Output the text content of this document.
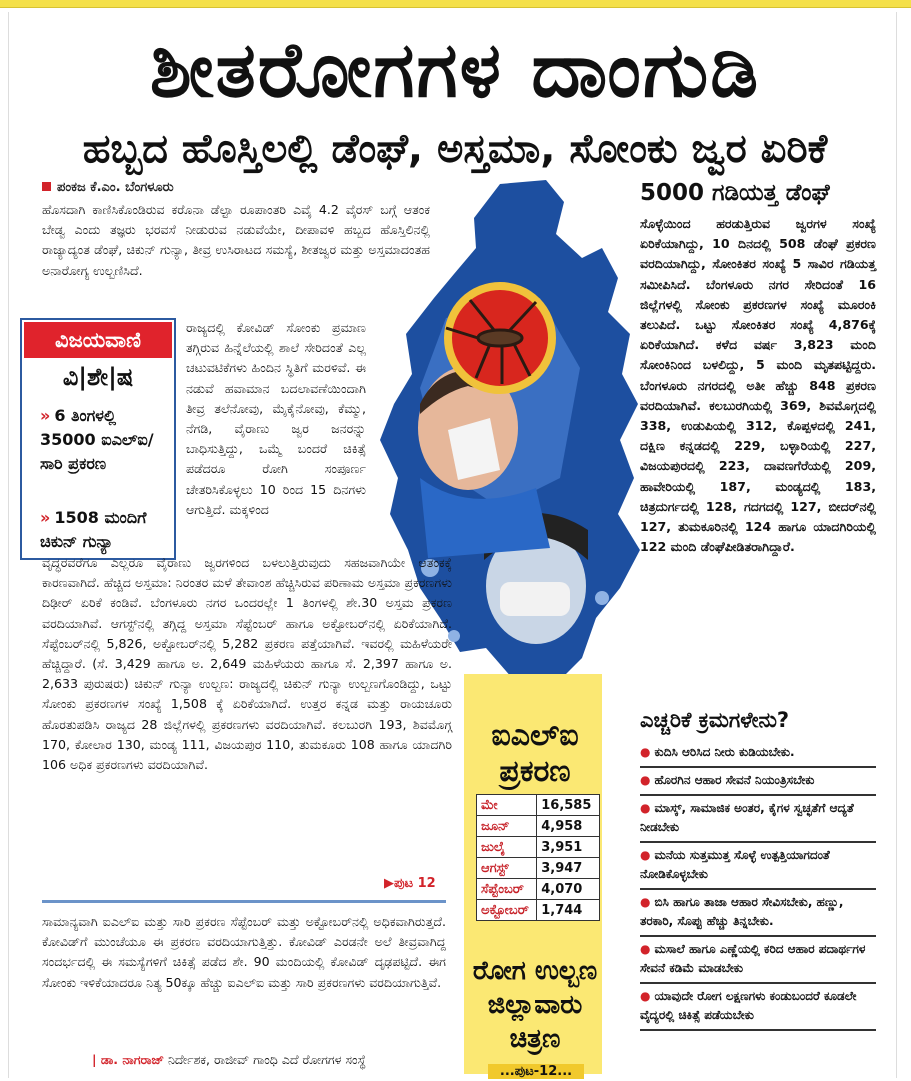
ಶೀತರೋಗಗಳ ದಾಂಗುಡಿ
ಹಬ್ಬದ ಹೊಸ್ತಿಲಲ್ಲಿ ಡೆಂಘೆ, ಅಸ್ತಮಾ, ಸೋಂಕು ಜ್ವರ ಏರಿಕೆ
ಪಂಕಜ ಕೆ.ಎಂ. ಬೆಂಗಳೂರು
ಹೊಸದಾಗಿ ಕಾಣಿಸಿಕೊಂಡಿರುವ ಕರೊನಾ ಡೆಲ್ಟಾ ರೂಪಾಂತರಿ ಎವೈ 4.2 ವೈರಸ್ ಬಗ್ಗೆ ಆತಂಕ ಬೇಡ್ವ ಎಂದು ತಜ್ಞರು ಭರವಸೆ ನೀಡುರುವ ನಡುವೆಯೇ, ದೀಪಾವಳಿ ಹಬ್ಬದ ಹೊಸ್ತಿಲಿನಲ್ಲಿ ರಾಜ್ಯಾದ್ಯಂತ ಡೆಂಘೆ, ಚಿಕುನ್ ಗುನ್ಯಾ, ತೀವ್ರ ಉಸಿರಾಟದ ಸಮಸ್ಯೆ, ಶೀತಜ್ವರ ಮತ್ತು ಅಸ್ತಮಾದಂತಹ ಅನಾರೋಗ್ಯ ಉಲ್ಬಣಿಸಿದೆ.
ರಾಜ್ಯದಲ್ಲಿ ಕೋವಿಡ್ ಸೋಂಕು ಪ್ರಮಾಣ ತಗ್ಗಿರುವ ಹಿನ್ನೆಲೆಯಲ್ಲಿ ಶಾಲೆ ಸೇರಿದಂತೆ ಎಲ್ಲ ಚಟುವಟಿಕೆಗಳು ಹಿಂದಿನ ಸ್ಥಿತಿಗೆ ಮರಳಿವೆ. ಈ ನಡುವೆ ಹವಾಮಾನ ಬದಲಾವಣೆಯಿಂದಾಗಿ ತೀವ್ರ ತಲೆನೋವು, ಮೈಕೈನೋವು, ಕೆಮ್ಮು, ನೆಗಡಿ, ವೈರಾಣು ಜ್ವರ ಜನರನ್ನು ಬಾಧಿಸುತ್ತಿದ್ದು, ಒಮ್ಮೆ ಬಂದರೆ ಚಿಕಿತ್ಸೆ ಪಡೆದರೂ ರೋಗಿ ಸಂಪೂರ್ಣ ಚೇತರಿಸಿಕೊಳ್ಳಲು 10 ರಿಂದ 15 ದಿನಗಳು ಆಗುತ್ತಿದೆ. ಮಕ್ಕಳಿಂದ
ವಿಜಯವಾಣಿ
ವಿ|ಶೇ|ಷ
» 6 ತಿಂಗಳಲ್ಲಿ 35000 ಐಎಲ್‌ಐ/ಸಾರಿ ಪ್ರಕರಣ
» 1508 ಮಂದಿಗೆ ಚಿಕುನ್ ಗುನ್ಯಾ
ವೃದ್ಧರವರೆಗೂ ಎಲ್ಲರೂ ವೈರಾಣು ಜ್ವರಗಳಿಂದ ಬಳಲುತ್ತಿರುವುದು ಸಹಜವಾಗಿಯೇ ಆತಂಕಕ್ಕೆ ಕಾರಣವಾಗಿದೆ. ಹೆಚ್ಚಿದ ಅಸ್ತಮಾ: ನಿರಂತರ ಮಳೆ ತೇವಾಂಶ ಹೆಚ್ಚಿಸಿರುವ ಪರಿಣಾಮ ಅಸ್ತಮಾ ಪ್ರಕರಣಗಳು ದಿಢೀರ್ ಏರಿಕೆ ಕಂಡಿವೆ. ಬೆಂಗಳೂರು ನಗರ ಒಂದರಲ್ಲೇ 1 ತಿಂಗಳಲ್ಲಿ ಶೇ.30 ಅಸ್ತಮ ಪ್ರಕರಣ ವರದಿಯಾಗಿವೆ. ಆಗಸ್ಟ್‌ನಲ್ಲಿ ತಗ್ಗಿದ್ದ ಅಸ್ತಮಾ ಸೆಪ್ಟೆಂಬರ್ ಹಾಗೂ ಅಕ್ಟೋಬರ್‌ನಲ್ಲಿ ಏರಿಕೆಯಾಗಿದೆ. ಸೆಪ್ಟೆಂಬರ್‌ನಲ್ಲಿ 5,826, ಅಕ್ಟೋಬರ್‌ನಲ್ಲಿ 5,282 ಪ್ರಕರಣ ಪತ್ತೆಯಾಗಿವೆ. ಇವರಲ್ಲಿ ಮಹಿಳೆಯರೇ ಹೆಚ್ಚಿದ್ದಾರೆ. (ಸೆ. 3,429 ಹಾಗೂ ಅ. 2,649 ಮಹಿಳೆಯರು ಹಾಗೂ ಸೆ. 2,397 ಹಾಗೂ ಅ. 2,633 ಪುರುಷರು) ಚಿಕುನ್ ಗುನ್ಯಾ ಉಲ್ಬಣ: ರಾಜ್ಯದಲ್ಲಿ ಚಿಕುನ್ ಗುನ್ಯಾ ಉಲ್ಬಣಗೊಂಡಿದ್ದು, ಒಟ್ಟು ಸೋಂಕು ಪ್ರಕರಣಗಳ ಸಂಖ್ಯೆ 1,508 ಕ್ಕೆ ಏರಿಕೆಯಾಗಿದೆ. ಉತ್ತರ ಕನ್ನಡ ಮತ್ತು ರಾಯಚೂರು ಹೊರತುಪಡಿಸಿ ರಾಜ್ಯದ 28 ಜಿಲ್ಲೆಗಳಲ್ಲಿ ಪ್ರಕರಣಗಳು ವರದಿಯಾಗಿವೆ. ಕಲಬುರಗಿ 193, ಶಿವಮೊಗ್ಗ 170, ಕೋಲಾರ 130, ಮಂಡ್ಯ 111, ವಿಜಯಪುರ 110, ತುಮಕೂರು 108 ಹಾಗೂ ಯಾದಗಿರಿ 106 ಅಧಿಕ ಪ್ರಕರಣಗಳು ವರದಿಯಾಗಿವೆ.
▶ಪುಟ 12
ಸಾಮಾನ್ಯವಾಗಿ ಐಎಲ್‌ಐ ಮತ್ತು ಸಾರಿ ಪ್ರಕರಣ ಸೆಪ್ಟೆಂಬರ್ ಮತ್ತು ಅಕ್ಟೋಬರ್‌ನಲ್ಲಿ ಅಧಿಕವಾಗಿರುತ್ತದೆ. ಕೋವಿಡ್‌ಗೆ ಮುಂಚೆಯೂ ಈ ಪ್ರಕರಣ ವರದಿಯಾಗುತ್ತಿತ್ತು. ಕೋವಿಡ್ ಎರಡನೇ ಅಲೆ ತೀವ್ರವಾಗಿದ್ದ ಸಂದರ್ಭದಲ್ಲಿ ಈ ಸಮಸ್ಯೆಗಳಿಗೆ ಚಿಕಿತ್ಸೆ ಪಡೆದ ಶೇ. 90 ಮಂದಿಯಲ್ಲಿ ಕೋವಿಡ್ ದೃಢಪಟ್ಟಿದೆ. ಈಗ ಸೋಂಕು ಇಳಿಕೆಯಾದರೂ ನಿತ್ಯ 50ಕ್ಕೂ ಹೆಚ್ಚು ಐಎಲ್‌ಐ ಮತ್ತು ಸಾರಿ ಪ್ರಕರಣಗಳು ವರದಿಯಾಗುತ್ತಿವೆ.
| ಡಾ. ನಾಗರಾಜ್ ನಿರ್ದೇಶಕ, ರಾಜೀವ್ ಗಾಂಧಿ ಎದೆ ರೋಗಗಳ ಸಂಸ್ಥೆ
ಐಎಲ್‌ಐ ಪ್ರಕರಣ
ಮೇ	16,585
ಜೂನ್	4,958
ಜುಲೈ	3,951
ಆಗಸ್ಟ್	3,947
ಸೆಪ್ಟೆಂಬರ್	4,070
ಅಕ್ಟೋಬರ್	1,744
ರೋಗ ಉಲ್ಬಣ ಜಿಲ್ಲಾವಾರು ಚಿತ್ರಣ
...ಪುಟ-12...
5000 ಗಡಿಯತ್ತ ಡೆಂಘೆ
ಸೊಳ್ಳೆಯಿಂದ ಹರಡುತ್ತಿರುವ ಜ್ವರಗಳ ಸಂಖ್ಯೆ ಏರಿಕೆಯಾಗಿದ್ದು, 10 ದಿನದಲ್ಲಿ 508 ಡೆಂಘೆ ಪ್ರಕರಣ ವರದಿಯಾಗಿದ್ದು, ಸೋಂಕಿತರ ಸಂಖ್ಯೆ 5 ಸಾವಿರ ಗಡಿಯತ್ತ ಸಮೀಪಿಸಿದೆ. ಬೆಂಗಳೂರು ನಗರ ಸೇರಿದಂತೆ 16 ಜಿಲ್ಲೆಗಳಲ್ಲಿ ಸೋಂಕು ಪ್ರಕರಣಗಳ ಸಂಖ್ಯೆ ಮೂರಂಕಿ ತಲುಪಿದೆ. ಒಟ್ಟು ಸೋಂಕಿತರ ಸಂಖ್ಯೆ 4,876ಕ್ಕೆ ಏರಿಕೆಯಾಗಿದೆ. ಕಳೆದ ವರ್ಷ 3,823 ಮಂದಿ ಸೋಂಕಿನಿಂದ ಬಳಲಿದ್ದು, 5 ಮಂದಿ ಮೃತಪಟ್ಟಿದ್ದರು. ಬೆಂಗಳೂರು ನಗರದಲ್ಲಿ ಅತೀ ಹೆಚ್ಚು 848 ಪ್ರಕರಣ ವರದಿಯಾಗಿವೆ. ಕಲಬುರಗಿಯಲ್ಲಿ 369, ಶಿವಮೊಗ್ಗದಲ್ಲಿ 338, ಉಡುಪಿಯಲ್ಲಿ 312, ಕೊಪ್ಪಳದಲ್ಲಿ 241, ದಕ್ಷಿಣ ಕನ್ನಡದಲ್ಲಿ 229, ಬಳ್ಳಾರಿಯಲ್ಲಿ 227, ವಿಜಯಪುರದಲ್ಲಿ 223, ದಾವಣಗೆರೆಯಲ್ಲಿ 209, ಹಾವೇರಿಯಲ್ಲಿ 187, ಮಂಡ್ಯದಲ್ಲಿ 183, ಚಿತ್ರದುರ್ಗದಲ್ಲಿ 128, ಗದಗದಲ್ಲಿ 127, ಬೀದರ್‌ನಲ್ಲಿ 127, ತುಮಕೂರಿನಲ್ಲಿ 124 ಹಾಗೂ ಯಾದಗಿರಿಯಲ್ಲಿ 122 ಮಂದಿ ಡೆಂಘೆಪೀಡಿತರಾಗಿದ್ದಾರೆ.
ಎಚ್ಚರಿಕೆ ಕ್ರಮಗಳೇನು?
● ಕುದಿಸಿ ಆರಿಸಿದ ನೀರು ಕುಡಿಯಬೇಕು.
● ಹೊರಗಿನ ಆಹಾರ ಸೇವನೆ ನಿಯಂತ್ರಿಸಬೇಕು
● ಮಾಸ್ಕ್, ಸಾಮಾಜಿಕ ಅಂತರ, ಕೈಗಳ ಸ್ವಚ್ಛತೆಗೆ ಆದ್ಯತೆ ನೀಡಬೇಕು
● ಮನೆಯ ಸುತ್ತಮುತ್ತ ಸೊಳ್ಳೆ ಉತ್ಪತ್ತಿಯಾಗದಂತೆ ನೋಡಿಕೊಳ್ಳಬೇಕು
● ಬಿಸಿ ಹಾಗೂ ತಾಜಾ ಆಹಾರ ಸೇವಿಸಬೇಕು, ಹಣ್ಣು, ತರಕಾರಿ, ಸೊಪ್ಪು ಹೆಚ್ಚು ತಿನ್ನಬೇಕು.
● ಮಸಾಲೆ ಹಾಗೂ ಎಣ್ಣೆಯಲ್ಲಿ ಕರಿದ ಆಹಾರ ಪದಾರ್ಥಗಳ ಸೇವನೆ ಕಡಿಮೆ ಮಾಡಬೇಕು
● ಯಾವುದೇ ರೋಗ ಲಕ್ಷಣಗಳು ಕಂಡುಬಂದರೆ ಕೂಡಲೇ ವೈದ್ಯರಲ್ಲಿ ಚಿಕಿತ್ಸೆ ಪಡೆಯಬೇಕು
